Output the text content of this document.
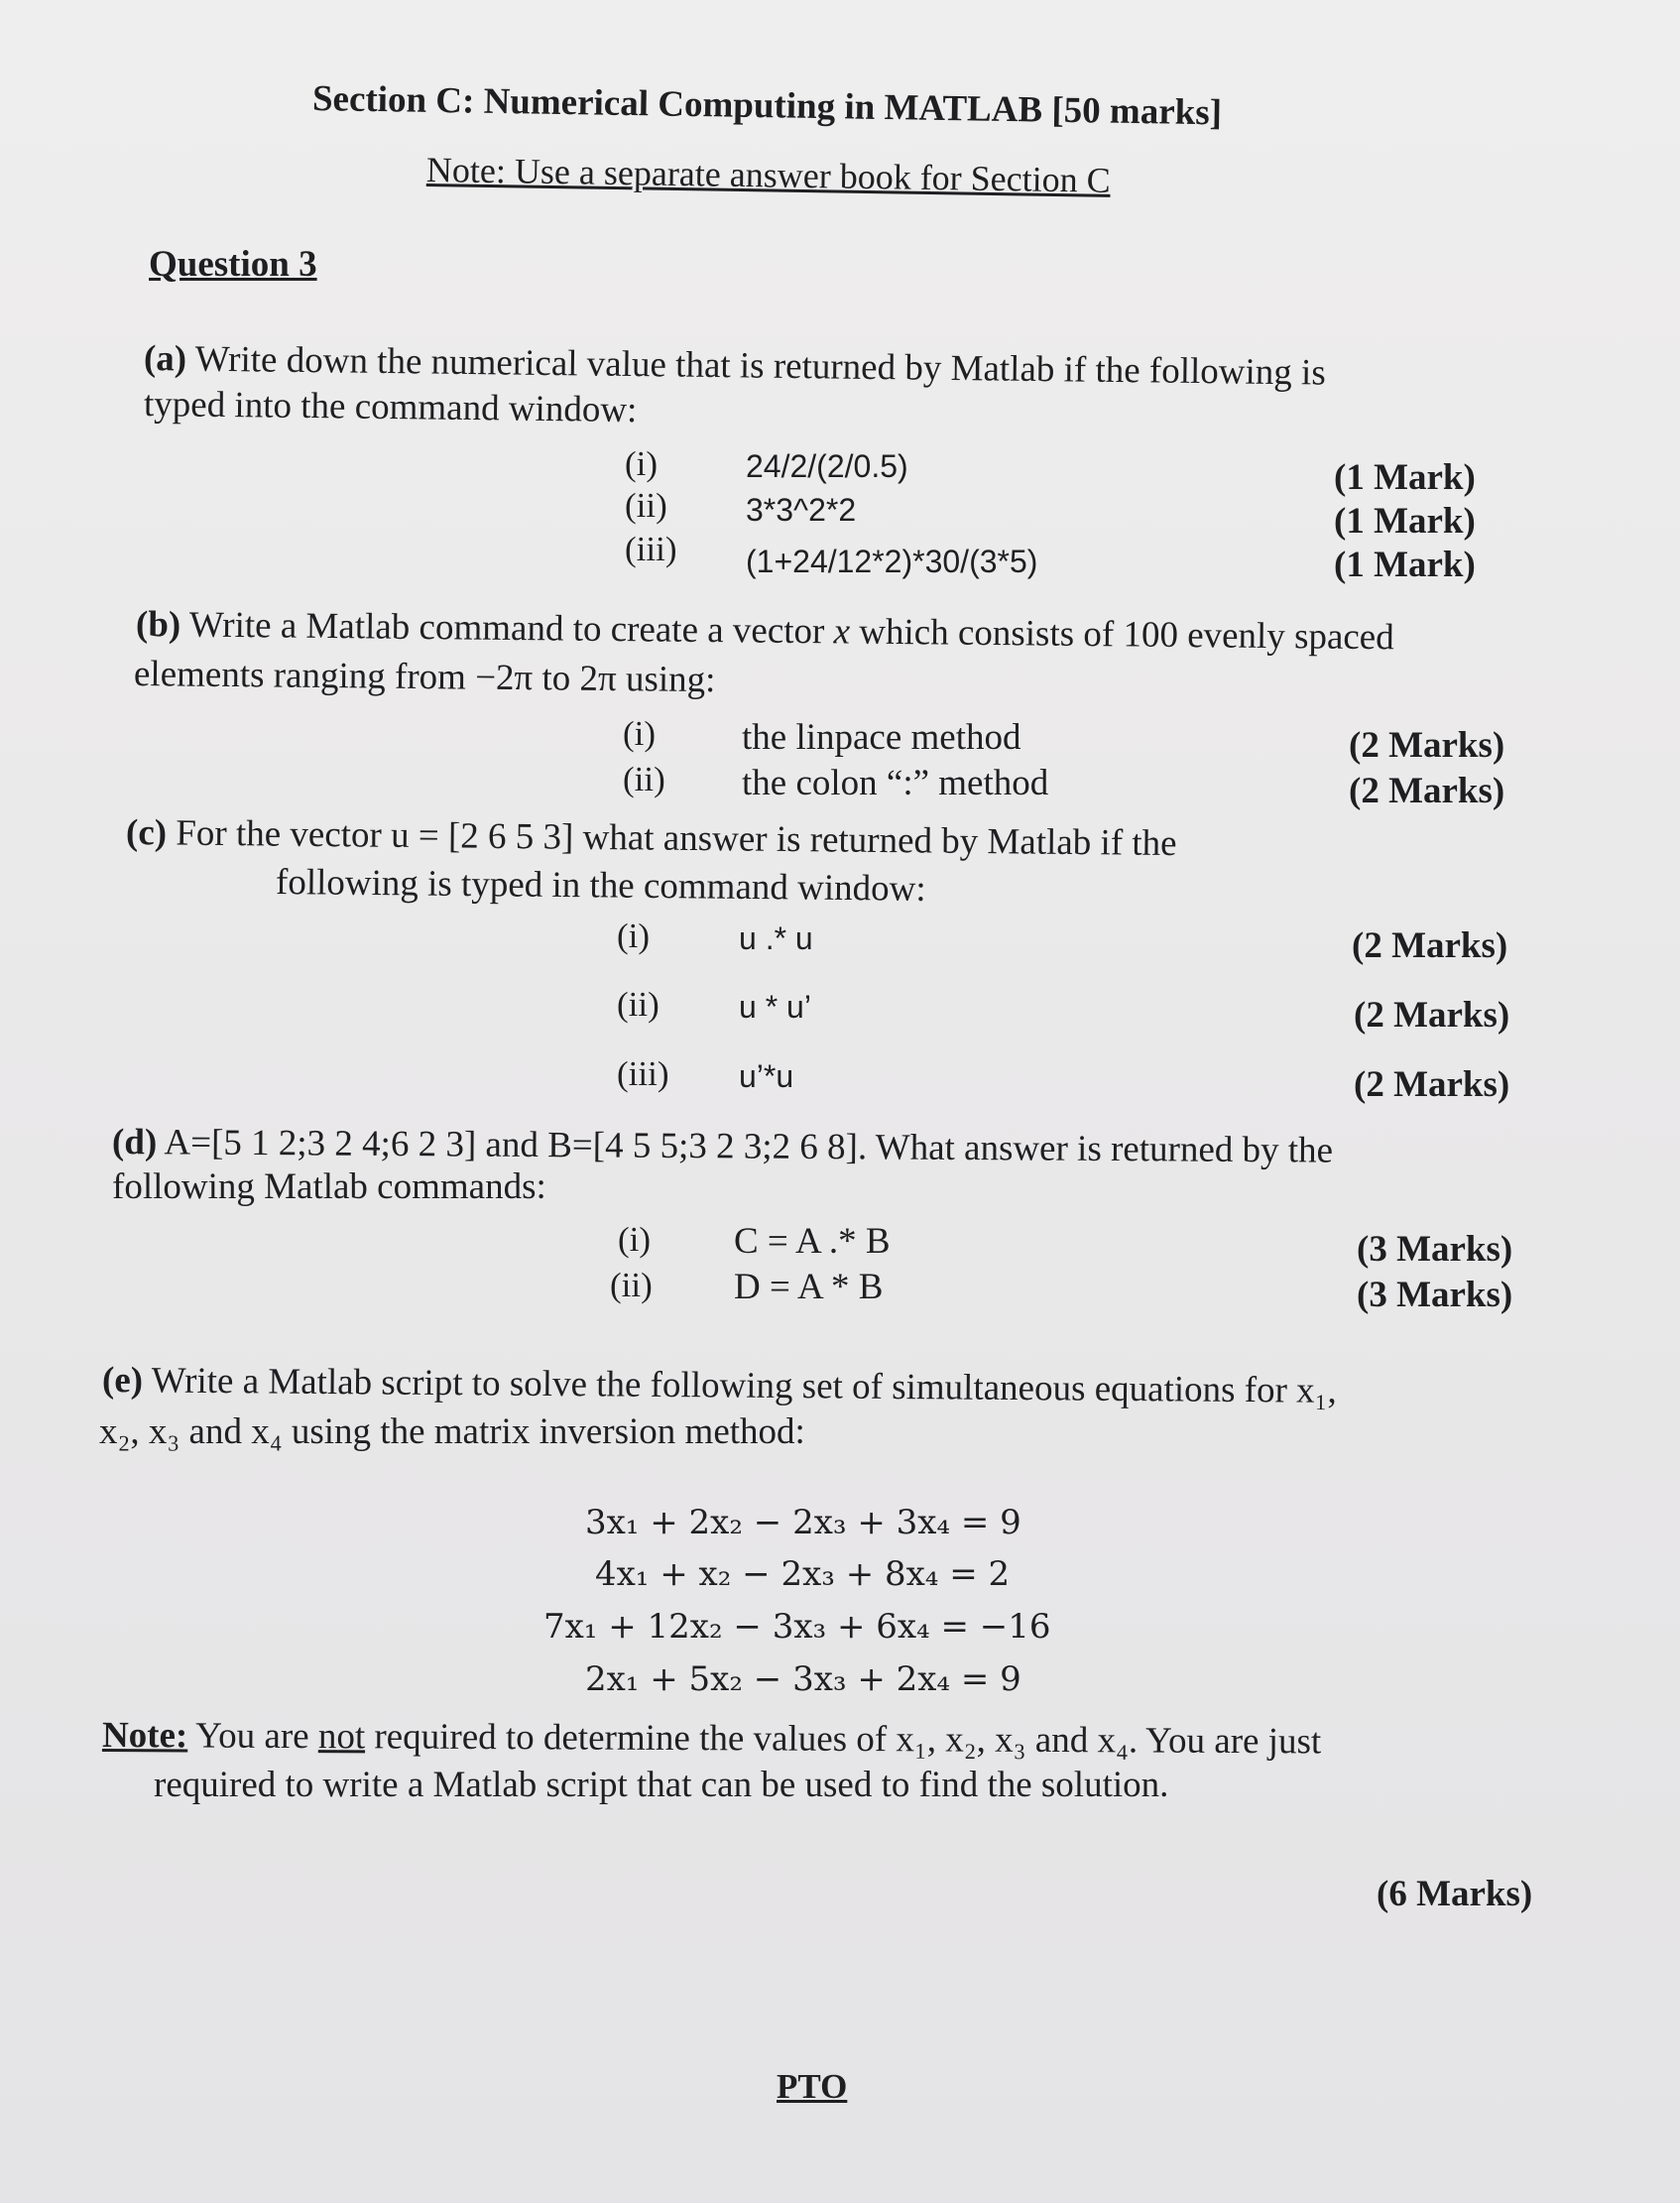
Section C: Numerical Computing in MATLAB [50 marks]
Note: Use a separate answer book for Section C
Question 3
(a) Write down the numerical value that is returned by Matlab if the following is
typed into the command window:
(i)	24/2/(2/0.5)	(1 Mark)
(ii) 3*3^2*2	(1 Mark)
(iii) (1+24/12*2)*30/(3*5)	(1 Mark)
(b) Write a Matlab command to create a vector x which consists of 100 evenly spaced
elements ranging from −2π to 2π using:
(i) the linpace method	(2 Marks)
(ii) the colon “:” method	(2 Marks)
(c) For the vector u = [2 6 5 3] what answer is returned by Matlab if the
following is typed in the command window:
(i)	u .* u	(2 Marks)
(ii)	u * u’	(2 Marks)
(iii) u’*u	(2 Marks)
(d) A=[5 1 2;3 2 4;6 2 3] and B=[4 5 5;3 2 3;2 6 8]. What answer is returned by the
following Matlab commands:
(i) C = A .* B	(3 Marks)
(ii) D = A * B	(3 Marks)
(e) Write a Matlab script to solve the following set of simultaneous equations for x₁,
x₂, x₃ and x₄ using the matrix inversion method:
3x₁ + 2x₂ − 2x₃ + 3x₄ = 9
4x₁ + x₂ − 2x₃ + 8x₄ = 2
7x₁ + 12x₂ − 3x₃ + 6x₄ = −16
2x₁ + 5x₂ − 3x₃ + 2x₄ = 9
Note: You are not required to determine the values of x₁, x₂, x₃ and x₄. You are just
required to write a Matlab script that can be used to find the solution.
(6 Marks)
PTO
